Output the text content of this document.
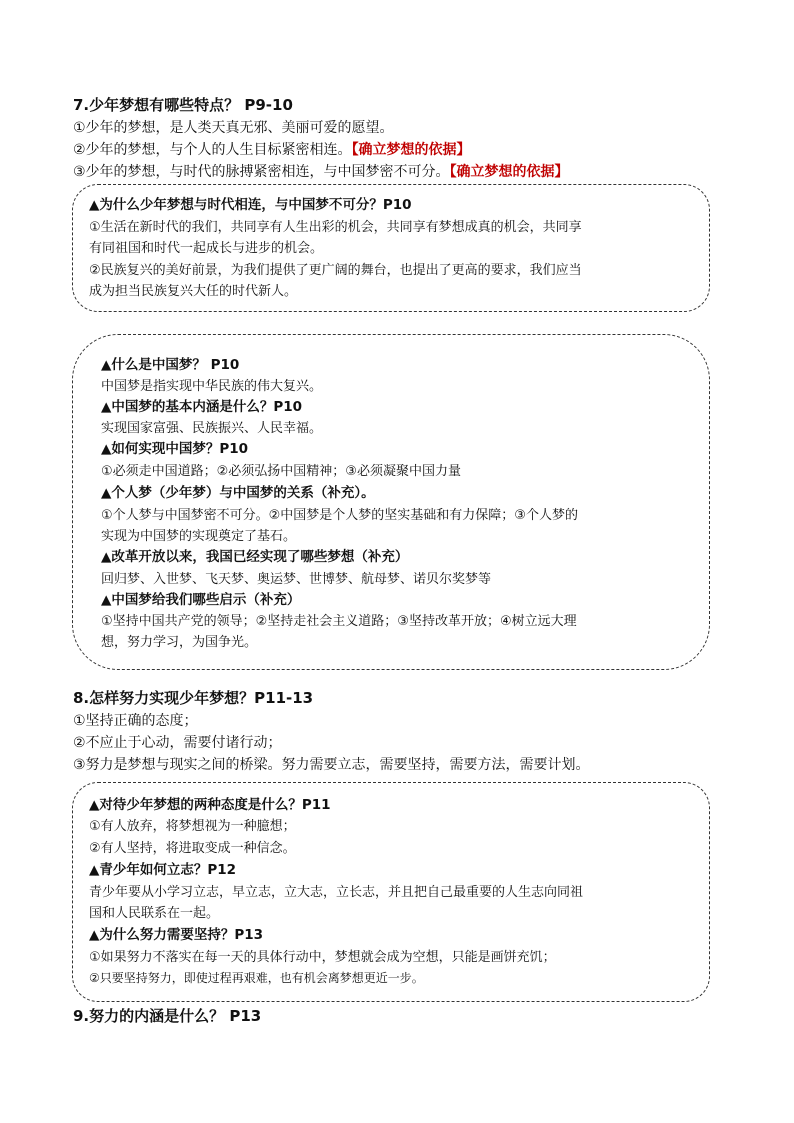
7.少年梦想有哪些特点？ P9-10
①少年的梦想，是人类天真无邪、美丽可爱的愿望。
②少年的梦想，与个人的人生目标紧密相连。【确立梦想的依据】
③少年的梦想，与时代的脉搏紧密相连，与中国梦密不可分。【确立梦想的依据】
▲为什么少年梦想与时代相连，与中国梦不可分？P10
①生活在新时代的我们，共同享有人生出彩的机会，共同享有梦想成真的机会，共同享
有同祖国和时代一起成长与进步的机会。
②民族复兴的美好前景，为我们提供了更广阔的舞台，也提出了更高的要求，我们应当
成为担当民族复兴大任的时代新人。
▲什么是中国梦？ P10
中国梦是指实现中华民族的伟大复兴。
▲中国梦的基本内涵是什么？P10
实现国家富强、民族振兴、人民幸福。
▲如何实现中国梦？P10
①必须走中国道路；②必须弘扬中国精神；③必须凝聚中国力量
▲个人梦（少年梦）与中国梦的关系（补充）。
①个人梦与中国梦密不可分。②中国梦是个人梦的坚实基础和有力保障；③个人梦的
实现为中国梦的实现奠定了基石。
▲改革开放以来，我国已经实现了哪些梦想（补充）
回归梦、入世梦、飞天梦、奥运梦、世博梦、航母梦、诺贝尔奖梦等
▲中国梦给我们哪些启示（补充）
①坚持中国共产党的领导；②坚持走社会主义道路；③坚持改革开放；④树立远大理
想，努力学习，为国争光。
8.怎样努力实现少年梦想？P11-13
①坚持正确的态度；
②不应止于心动，需要付诸行动；
③努力是梦想与现实之间的桥梁。努力需要立志，需要坚持，需要方法，需要计划。
▲对待少年梦想的两种态度是什么？P11
①有人放弃，将梦想视为一种臆想；
②有人坚持，将进取变成一种信念。
▲青少年如何立志？P12
青少年要从小学习立志，早立志，立大志，立长志，并且把自己最重要的人生志向同祖
国和人民联系在一起。
▲为什么努力需要坚持？P13
①如果努力不落实在每一天的具体行动中，梦想就会成为空想，只能是画饼充饥；
②只要坚持努力，即使过程再艰难，也有机会离梦想更近一步。
9.努力的内涵是什么？ P13
